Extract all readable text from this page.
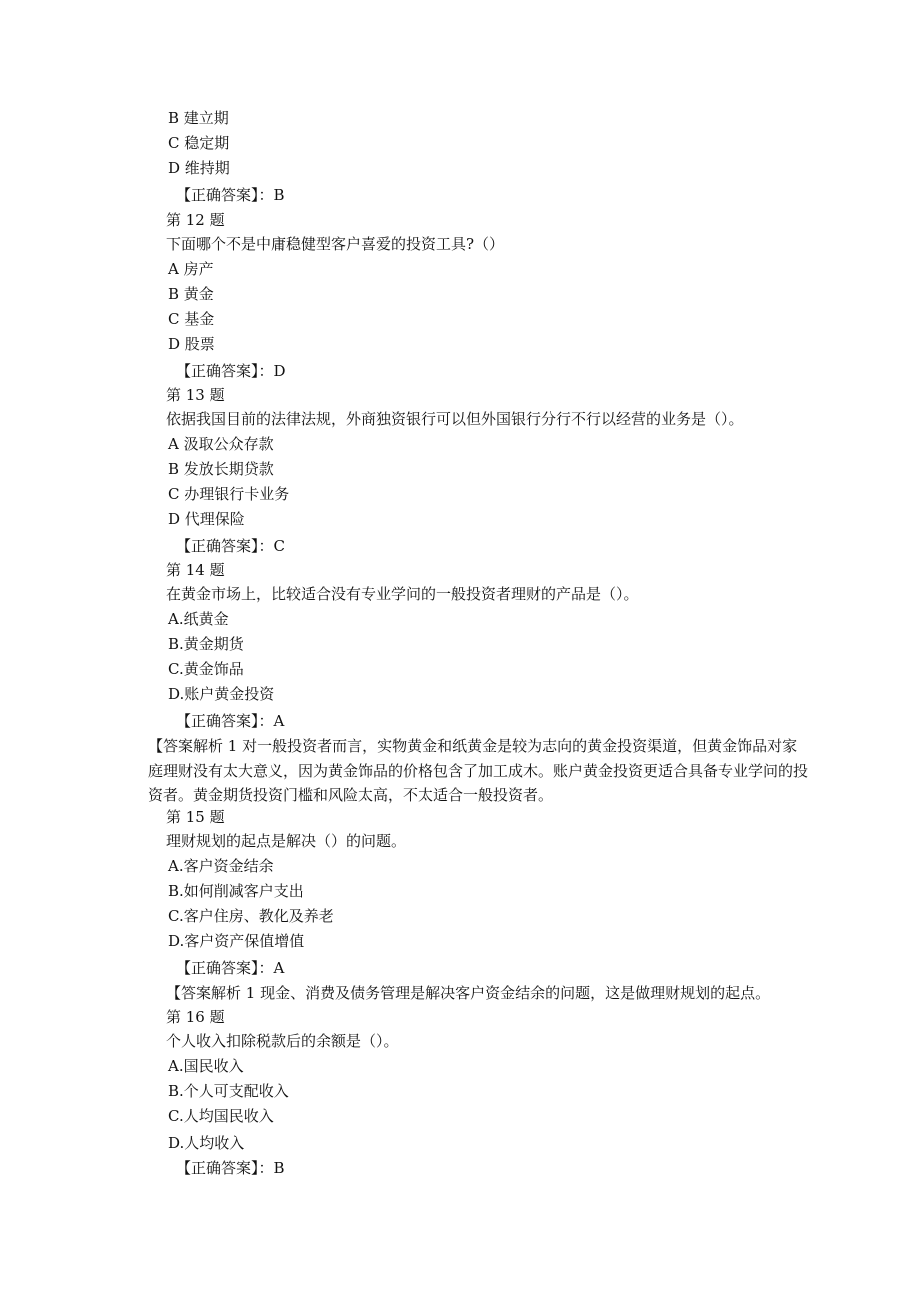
B 建立期
C 稳定期
D 维持期
【正确答案】：B
第 12 题
下面哪个不是中庸稳健型客户喜爱的投资工具?（）
A 房产
B 黄金
C 基金
D 股票
【正确答案】：D
第 13 题
依据我国目前的法律法规，外商独资银行可以但外国银行分行不行以经营的业务是（）。
A 汲取公众存款
B 发放长期贷款
C 办理银行卡业务
D 代理保险
【正确答案】：C
第 14 题
在黄金市场上，比较适合没有专业学问的一般投资者理财的产品是（）。
A.纸黄金
B.黄金期货
C.黄金饰品
D.账户黄金投资
【正确答案】：A
【答案解析 1 对一般投资者而言，实物黄金和纸黄金是较为志向的黄金投资渠道，但黄金饰品对家庭理财没有太大意义，因为黄金饰品的价格包含了加工成木。账户黄金投资更适合具备专业学问的投资者。黄金期货投资门槛和风险太高，不太适合一般投资者。
第 15 题
理财规划的起点是解决（）的问题。
A.客户资金结余
B.如何削减客户支出
C.客户住房、教化及养老
D.客户资产保值增值
【正确答案】：A
【答案解析 1 现金、消费及债务管理是解决客户资金结余的问题，这是做理财规划的起点。
第 16 题
个人收入扣除税款后的余额是（）。
A.国民收入
B.个人可支配收入
C.人均国民收入
D.人均收入
【正确答案】：B
